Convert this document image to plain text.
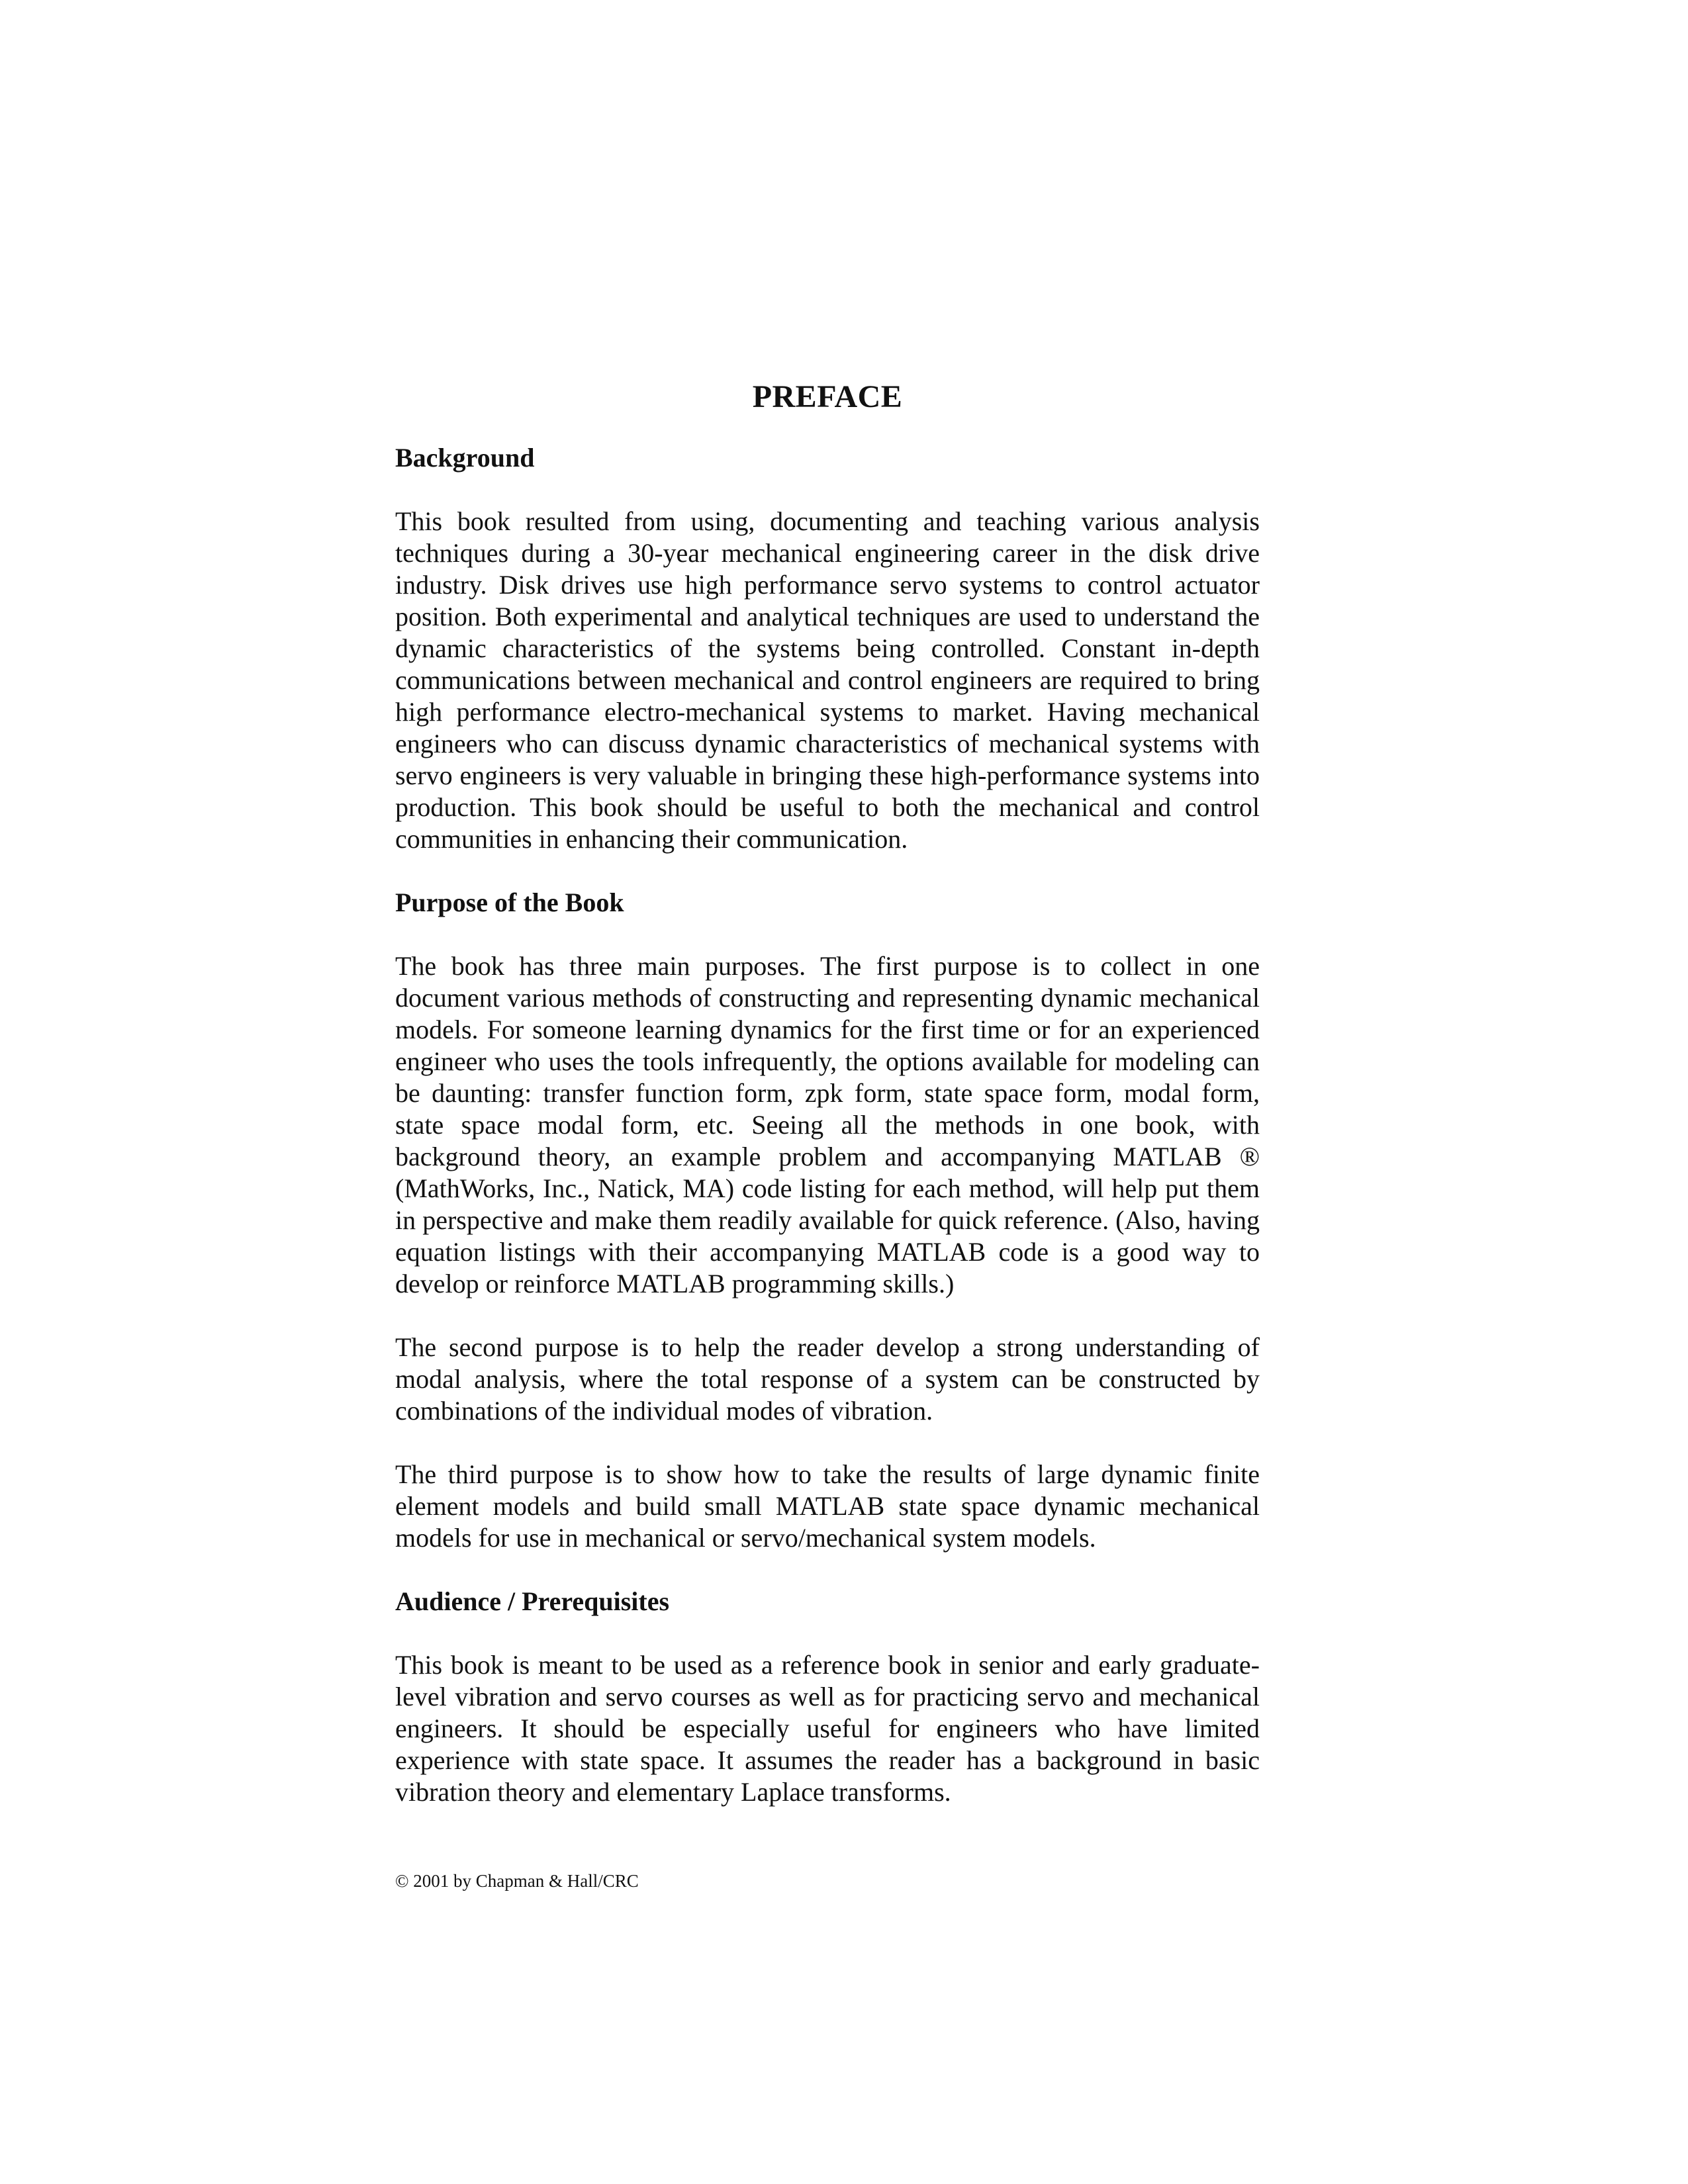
PREFACE
Background

This book resulted from using, documenting and teaching various analysis techniques during a 30-year mechanical engineering career in the disk drive industry. Disk drives use high performance servo systems to control actuator position. Both experimental and analytical techniques are used to understand the dynamic characteristics of the systems being controlled. Constant in-depth communications between mechanical and control engineers are required to bring high performance electro-mechanical systems to market. Having mechanical engineers who can discuss dynamic characteristics of mechanical systems with servo engineers is very valuable in bringing these high-performance systems into production. This book should be useful to both the mechanical and control communities in enhancing their communication.

Purpose of the Book

The book has three main purposes. The first purpose is to collect in one document various methods of constructing and representing dynamic mechanical models. For someone learning dynamics for the first time or for an experienced engineer who uses the tools infrequently, the options available for modeling can be daunting: transfer function form, zpk form, state space form, modal form, state space modal form, etc. Seeing all the methods in one book, with background theory, an example problem and accompanying MATLAB ® (MathWorks, Inc., Natick, MA) code listing for each method, will help put them in perspective and make them readily available for quick reference. (Also, having equation listings with their accompanying MATLAB code is a good way to develop or reinforce MATLAB programming skills.)

The second purpose is to help the reader develop a strong understanding of modal analysis, where the total response of a system can be constructed by combinations of the individual modes of vibration.

The third purpose is to show how to take the results of large dynamic finite element models and build small MATLAB state space dynamic mechanical models for use in mechanical or servo/mechanical system models.

Audience / Prerequisites

This book is meant to be used as a reference book in senior and early graduate-level vibration and servo courses as well as for practicing servo and mechanical engineers. It should be especially useful for engineers who have limited experience with state space. It assumes the reader has a background in basic vibration theory and elementary Laplace transforms.

© 2001 by Chapman & Hall/CRC
